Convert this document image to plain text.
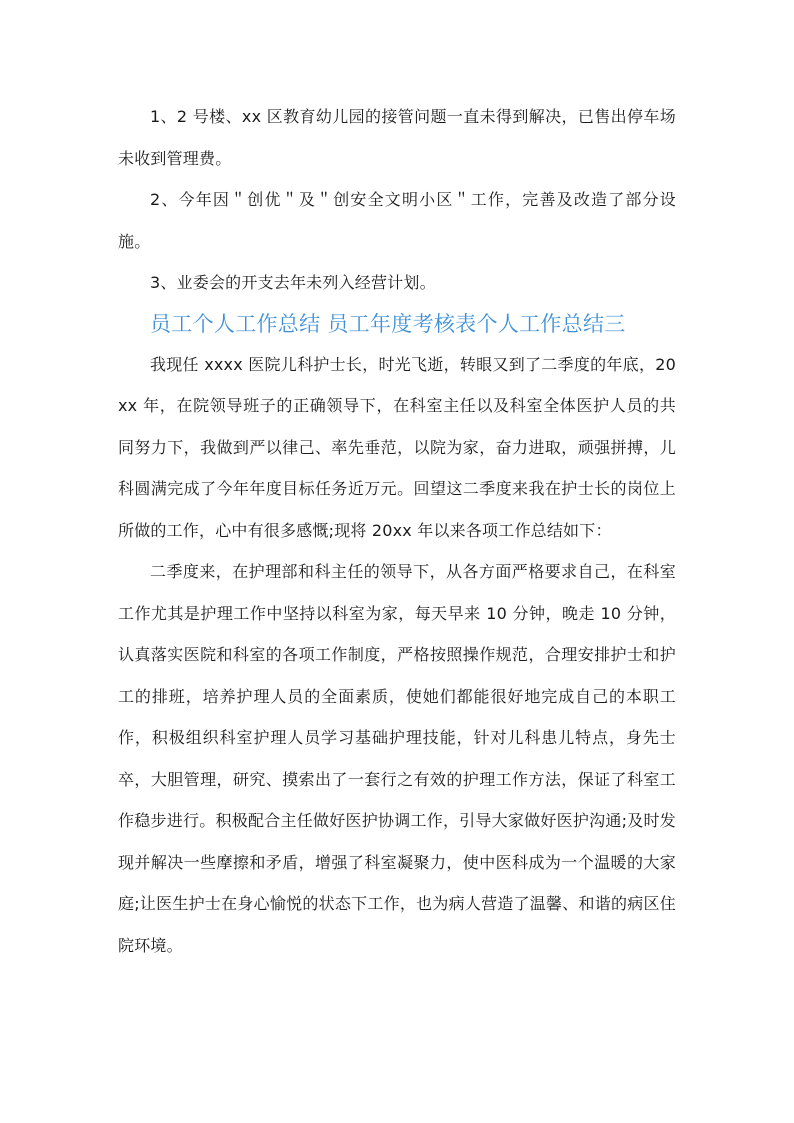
1、2 号楼、xx 区教育幼儿园的接管问题一直未得到解决，已售出停车场未收到管理费。

2、今年因＂创优＂及＂创安全文明小区＂工作，完善及改造了部分设施。

3、业委会的开支去年未列入经营计划。

员工个人工作总结 员工年度考核表个人工作总结三

我现任 xxxx 医院儿科护士长，时光飞逝，转眼又到了二季度的年底，20xx 年，在院领导班子的正确领导下，在科室主任以及科室全体医护人员的共同努力下，我做到严以律己、率先垂范，以院为家，奋力进取，顽强拼搏，儿科圆满完成了今年年度目标任务近万元。回望这二季度来我在护士长的岗位上所做的工作，心中有很多感慨;现将 20xx 年以来各项工作总结如下：

二季度来，在护理部和科主任的领导下，从各方面严格要求自己，在科室工作尤其是护理工作中坚持以科室为家，每天早来 10 分钟，晚走 10 分钟，认真落实医院和科室的各项工作制度，严格按照操作规范，合理安排护士和护工的排班，培养护理人员的全面素质，使她们都能很好地完成自己的本职工作，积极组织科室护理人员学习基础护理技能，针对儿科患儿特点，身先士卒，大胆管理，研究、摸索出了一套行之有效的护理工作方法，保证了科室工作稳步进行。积极配合主任做好医护协调工作，引导大家做好医护沟通;及时发现并解决一些摩擦和矛盾，增强了科室凝聚力，使中医科成为一个温暖的大家庭;让医生护士在身心愉悦的状态下工作，也为病人营造了温馨、和谐的病区住院环境。
